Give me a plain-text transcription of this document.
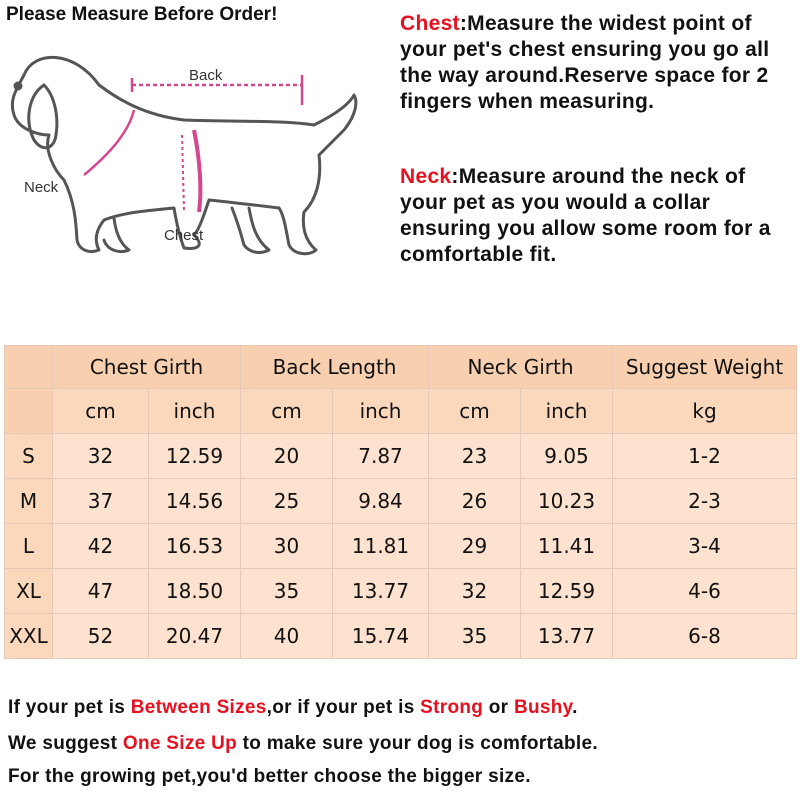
Please Measure Before Order!
Back
Neck
Chest
Chest:Measure the widest point of your pet's chest ensuring you go all the way around.Reserve space for 2 fingers when measuring.
Neck:Measure around the neck of your pet as you would a collar ensuring you allow some room for a comfortable fit.
	Chest Girth		Back Length		Neck Girth		Suggest Weight
	cm	inch	cm	inch	cm	inch	kg
S	32	12.59	20	7.87	23	9.05	1-2
M	37	14.56	25	9.84	26	10.23	2-3
L	42	16.53	30	11.81	29	11.41	3-4
XL	47	18.50	35	13.77	32	12.59	4-6
XXL	52	20.47	40	15.74	35	13.77	6-8
If your pet is Between Sizes,or if your pet is Strong or Bushy.
We suggest One Size Up to make sure your dog is comfortable.
For the growing pet,you'd better choose the bigger size.
